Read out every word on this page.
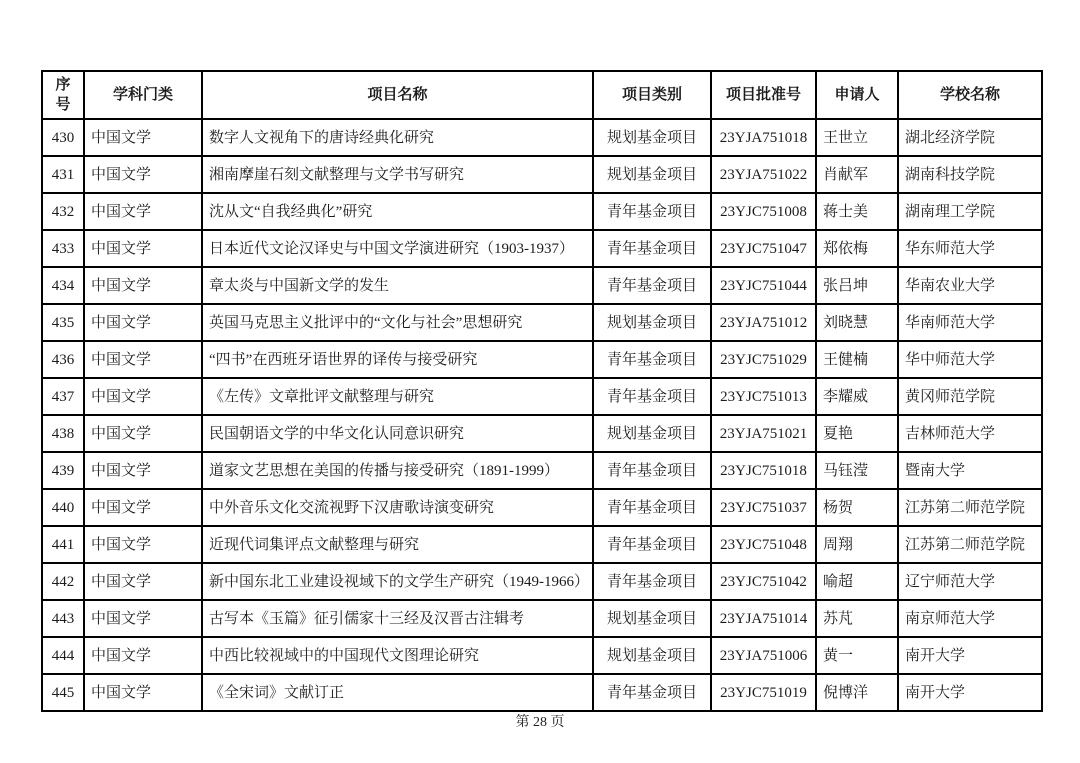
序号	学科门类	项目名称	项目类别	项目批准号	申请人	学校名称
430	中国文学	数字人文视角下的唐诗经典化研究	规划基金项目	23YJA751018	王世立	湖北经济学院
431	中国文学	湘南摩崖石刻文献整理与文学书写研究	规划基金项目	23YJA751022	肖献军	湖南科技学院
432	中国文学	沈从文“自我经典化”研究	青年基金项目	23YJC751008	蒋士美	湖南理工学院
433	中国文学	日本近代文论汉译史与中国文学演进研究（1903-1937）	青年基金项目	23YJC751047	郑依梅	华东师范大学
434	中国文学	章太炎与中国新文学的发生	青年基金项目	23YJC751044	张吕坤	华南农业大学
435	中国文学	英国马克思主义批评中的“文化与社会”思想研究	规划基金项目	23YJA751012	刘晓慧	华南师范大学
436	中国文学	“四书”在西班牙语世界的译传与接受研究	青年基金项目	23YJC751029	王健楠	华中师范大学
437	中国文学	《左传》文章批评文献整理与研究	青年基金项目	23YJC751013	李耀威	黄冈师范学院
438	中国文学	民国朝语文学的中华文化认同意识研究	规划基金项目	23YJA751021	夏艳	吉林师范大学
439	中国文学	道家文艺思想在美国的传播与接受研究（1891-1999）	青年基金项目	23YJC751018	马钰滢	暨南大学
440	中国文学	中外音乐文化交流视野下汉唐歌诗演变研究	青年基金项目	23YJC751037	杨贺	江苏第二师范学院
441	中国文学	近现代词集评点文献整理与研究	青年基金项目	23YJC751048	周翔	江苏第二师范学院
442	中国文学	新中国东北工业建设视域下的文学生产研究（1949-1966）	青年基金项目	23YJC751042	喻超	辽宁师范大学
443	中国文学	古写本《玉篇》征引儒家十三经及汉晋古注辑考	规划基金项目	23YJA751014	苏芃	南京师范大学
444	中国文学	中西比较视域中的中国现代文图理论研究	规划基金项目	23YJA751006	黄一	南开大学
445	中国文学	《全宋词》文献订正	青年基金项目	23YJC751019	倪博洋	南开大学
第 28 页
